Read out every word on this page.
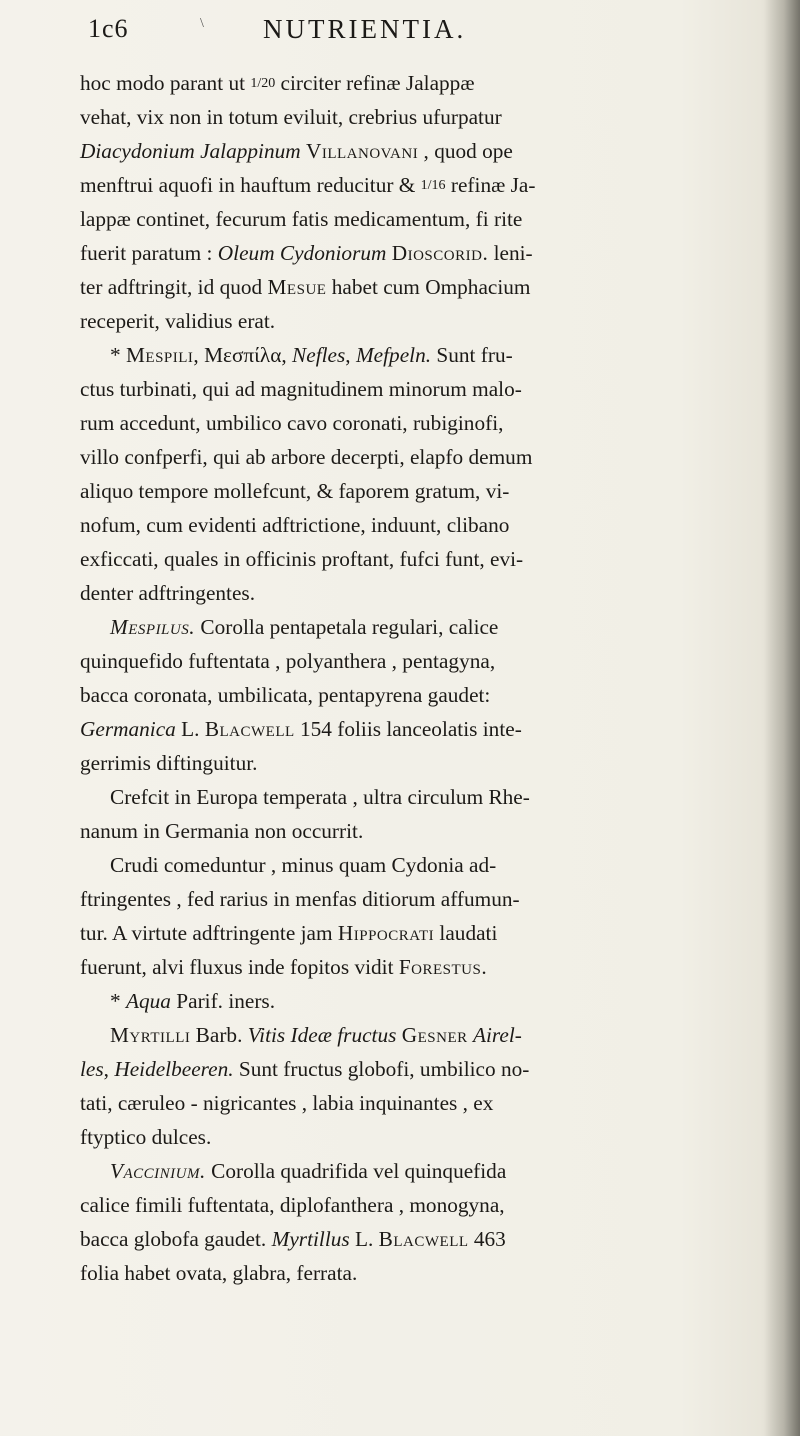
1c6	\ NUTRIENTIA.
hoc modo parant ut 1/20 circiter refinæ Jalappæ
vehat, vix non in totum eviluit, crebrius ufurpatur
Diacydonium Jalappinum Villanovani , quod ope
menftrui aquofi in hauftum reducitur & 1/16 refinæ Ja-
lappæ continet, fecurum fatis medicamentum, fi rite
fuerit paratum : Oleum Cydoniorum Dioscorid. leni-
ter adftringit, id quod Mesue habet cum Omphacium
receperit, validius erat.
* Mespili, Μεσπίλα, Nefles, Mefpeln. Sunt fru-
ctus turbinati, qui ad magnitudinem minorum malo-
rum accedunt, umbilico cavo coronati, rubiginofi,
villo confperfi, qui ab arbore decerpti, elapfo demum
aliquo tempore mollefcunt, & faporem gratum, vi-
nofum, cum evidenti adftrictione, induunt, clibano
exficcati, quales in officinis proftant, fufci funt, evi-
denter adftringentes.
Mespilus. Corolla pentapetala regulari, calice
quinquefido fuftentata , polyanthera , pentagyna,
bacca coronata, umbilicata, pentapyrena gaudet:
Germanica L. Blacwell 154 foliis lanceolatis inte-
gerrimis diftinguitur.
Crefcit in Europa temperata , ultra circulum Rhe-
nanum in Germania non occurrit.
Crudi comeduntur , minus quam Cydonia ad-
ftringentes , fed rarius in menfas ditiorum affumun-
tur. A virtute adftringente jam Hippocrati laudati
fuerunt, alvi fluxus inde fopitos vidit Forestus.
* Aqua Parif. iners.
Myrtilli Barb. Vitis Ideæ fructus Gesner Airel-
les, Heidelbeeren. Sunt fructus globofi, umbilico no-
tati, cæruleo - nigricantes , labia inquinantes , ex
ftyptico dulces.
Vaccinium. Corolla quadrifida vel quinquefida
calice fimili fuftentata, diplofanthera , monogyna,
bacca globofa gaudet. Myrtillus L. Blacwell 463
folia habet ovata, glabra, ferrata.
